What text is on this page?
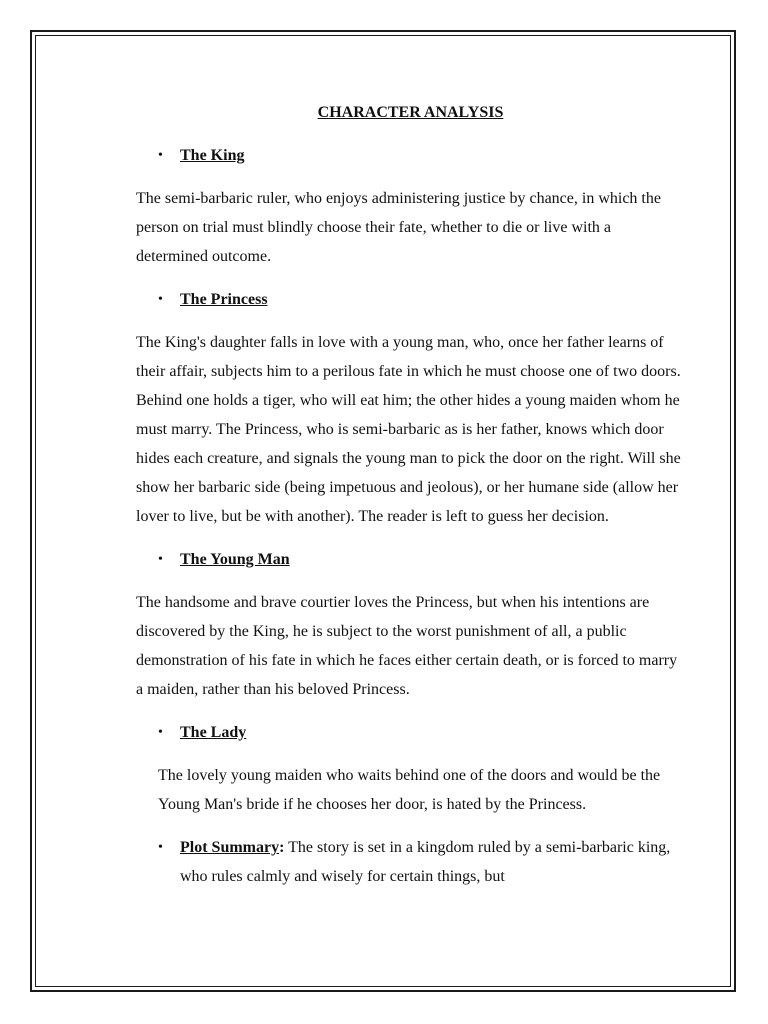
CHARACTER ANALYSIS

• The King

The semi-barbaric ruler, who enjoys administering justice by chance, in which the person on trial must blindly choose their fate, whether to die or live with a determined outcome.

• The Princess

The King's daughter falls in love with a young man, who, once her father learns of their affair, subjects him to a perilous fate in which he must choose one of two doors. Behind one holds a tiger, who will eat him; the other hides a young maiden whom he must marry. The Princess, who is semi-barbaric as is her father, knows which door hides each creature, and signals the young man to pick the door on the right. Will she show her barbaric side (being impetuous and jeolous), or her humane side (allow her lover to live, but be with another). The reader is left to guess her decision.

• The Young Man

The handsome and brave courtier loves the Princess, but when his intentions are discovered by the King, he is subject to the worst punishment of all, a public demonstration of his fate in which he faces either certain death, or is forced to marry a maiden, rather than his beloved Princess.

• The Lady

The lovely young maiden who waits behind one of the doors and would be the Young Man's bride if he chooses her door, is hated by the Princess.

• Plot Summary: The story is set in a kingdom ruled by a semi-barbaric king, who rules calmly and wisely for certain things, but
